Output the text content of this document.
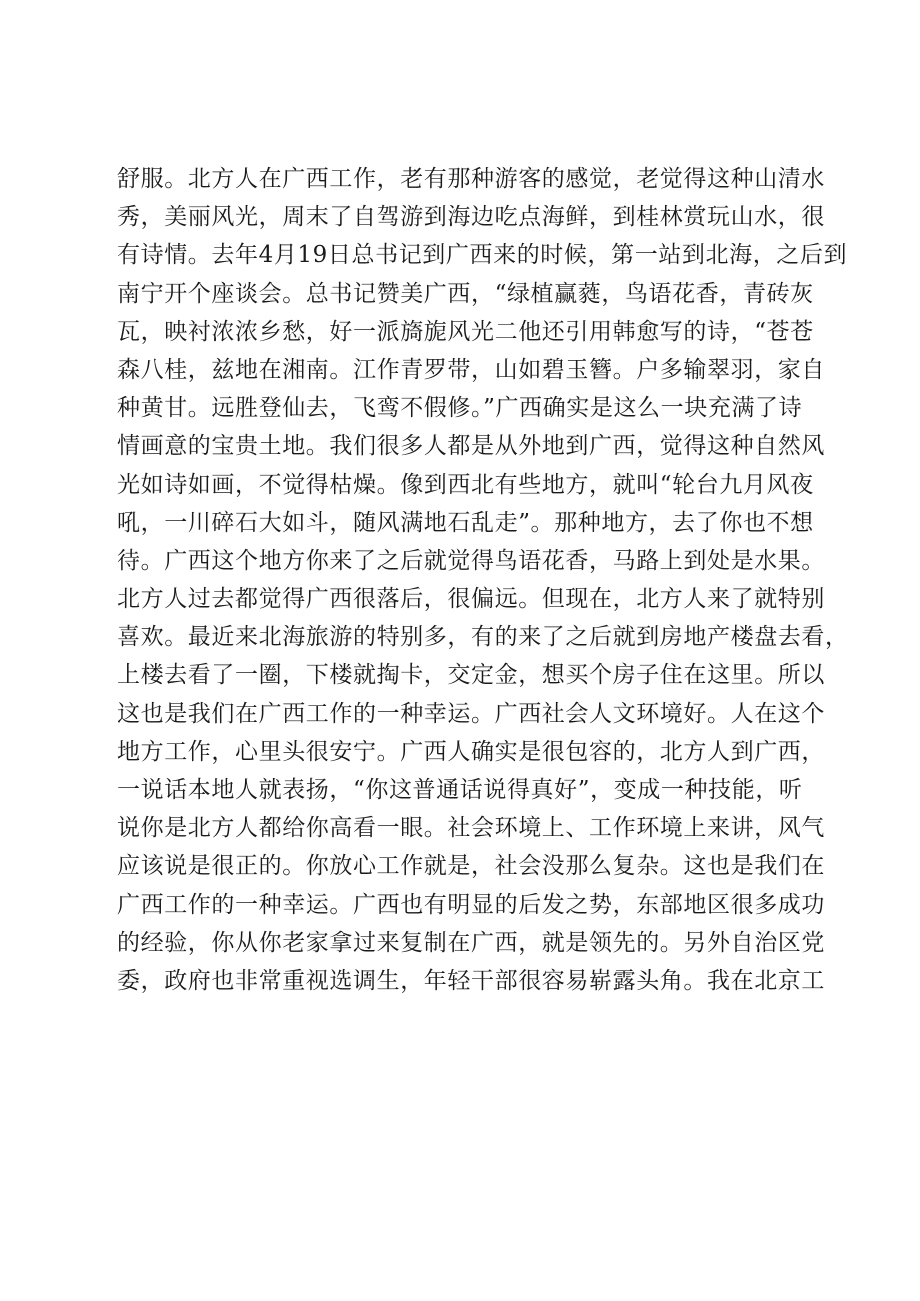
舒服。北方人在广西工作，老有那种游客的感觉，老觉得这种山清水
秀，美丽风光，周末了自驾游到海边吃点海鲜，到桂林赏玩山水，很
有诗情。去年4月19日总书记到广西来的时候，第一站到北海，之后到
南宁开个座谈会。总书记赞美广西，“绿植赢蕤，鸟语花香，青砖灰
瓦，映衬浓浓乡愁，好一派旖旎风光二他还引用韩愈写的诗，“苍苍
森八桂，兹地在湘南。江作青罗带，山如碧玉簪。户多输翠羽，家自
种黄甘。远胜登仙去，飞鸾不假修。”广西确实是这么一块充满了诗
情画意的宝贵土地。我们很多人都是从外地到广西，觉得这种自然风
光如诗如画，不觉得枯燥。像到西北有些地方，就叫“轮台九月风夜
吼，一川碎石大如斗，随风满地石乱走”。那种地方，去了你也不想
待。广西这个地方你来了之后就觉得鸟语花香，马路上到处是水果。
北方人过去都觉得广西很落后，很偏远。但现在，北方人来了就特别
喜欢。最近来北海旅游的特别多，有的来了之后就到房地产楼盘去看，
上楼去看了一圈，下楼就掏卡，交定金，想买个房子住在这里。所以
这也是我们在广西工作的一种幸运。广西社会人文环境好。人在这个
地方工作，心里头很安宁。广西人确实是很包容的，北方人到广西，
一说话本地人就表扬，“你这普通话说得真好”，变成一种技能，听
说你是北方人都给你高看一眼。社会环境上、工作环境上来讲，风气
应该说是很正的。你放心工作就是，社会没那么复杂。这也是我们在
广西工作的一种幸运。广西也有明显的后发之势，东部地区很多成功
的经验，你从你老家拿过来复制在广西，就是领先的。另外自治区党
委，政府也非常重视选调生，年轻干部很容易崭露头角。我在北京工
